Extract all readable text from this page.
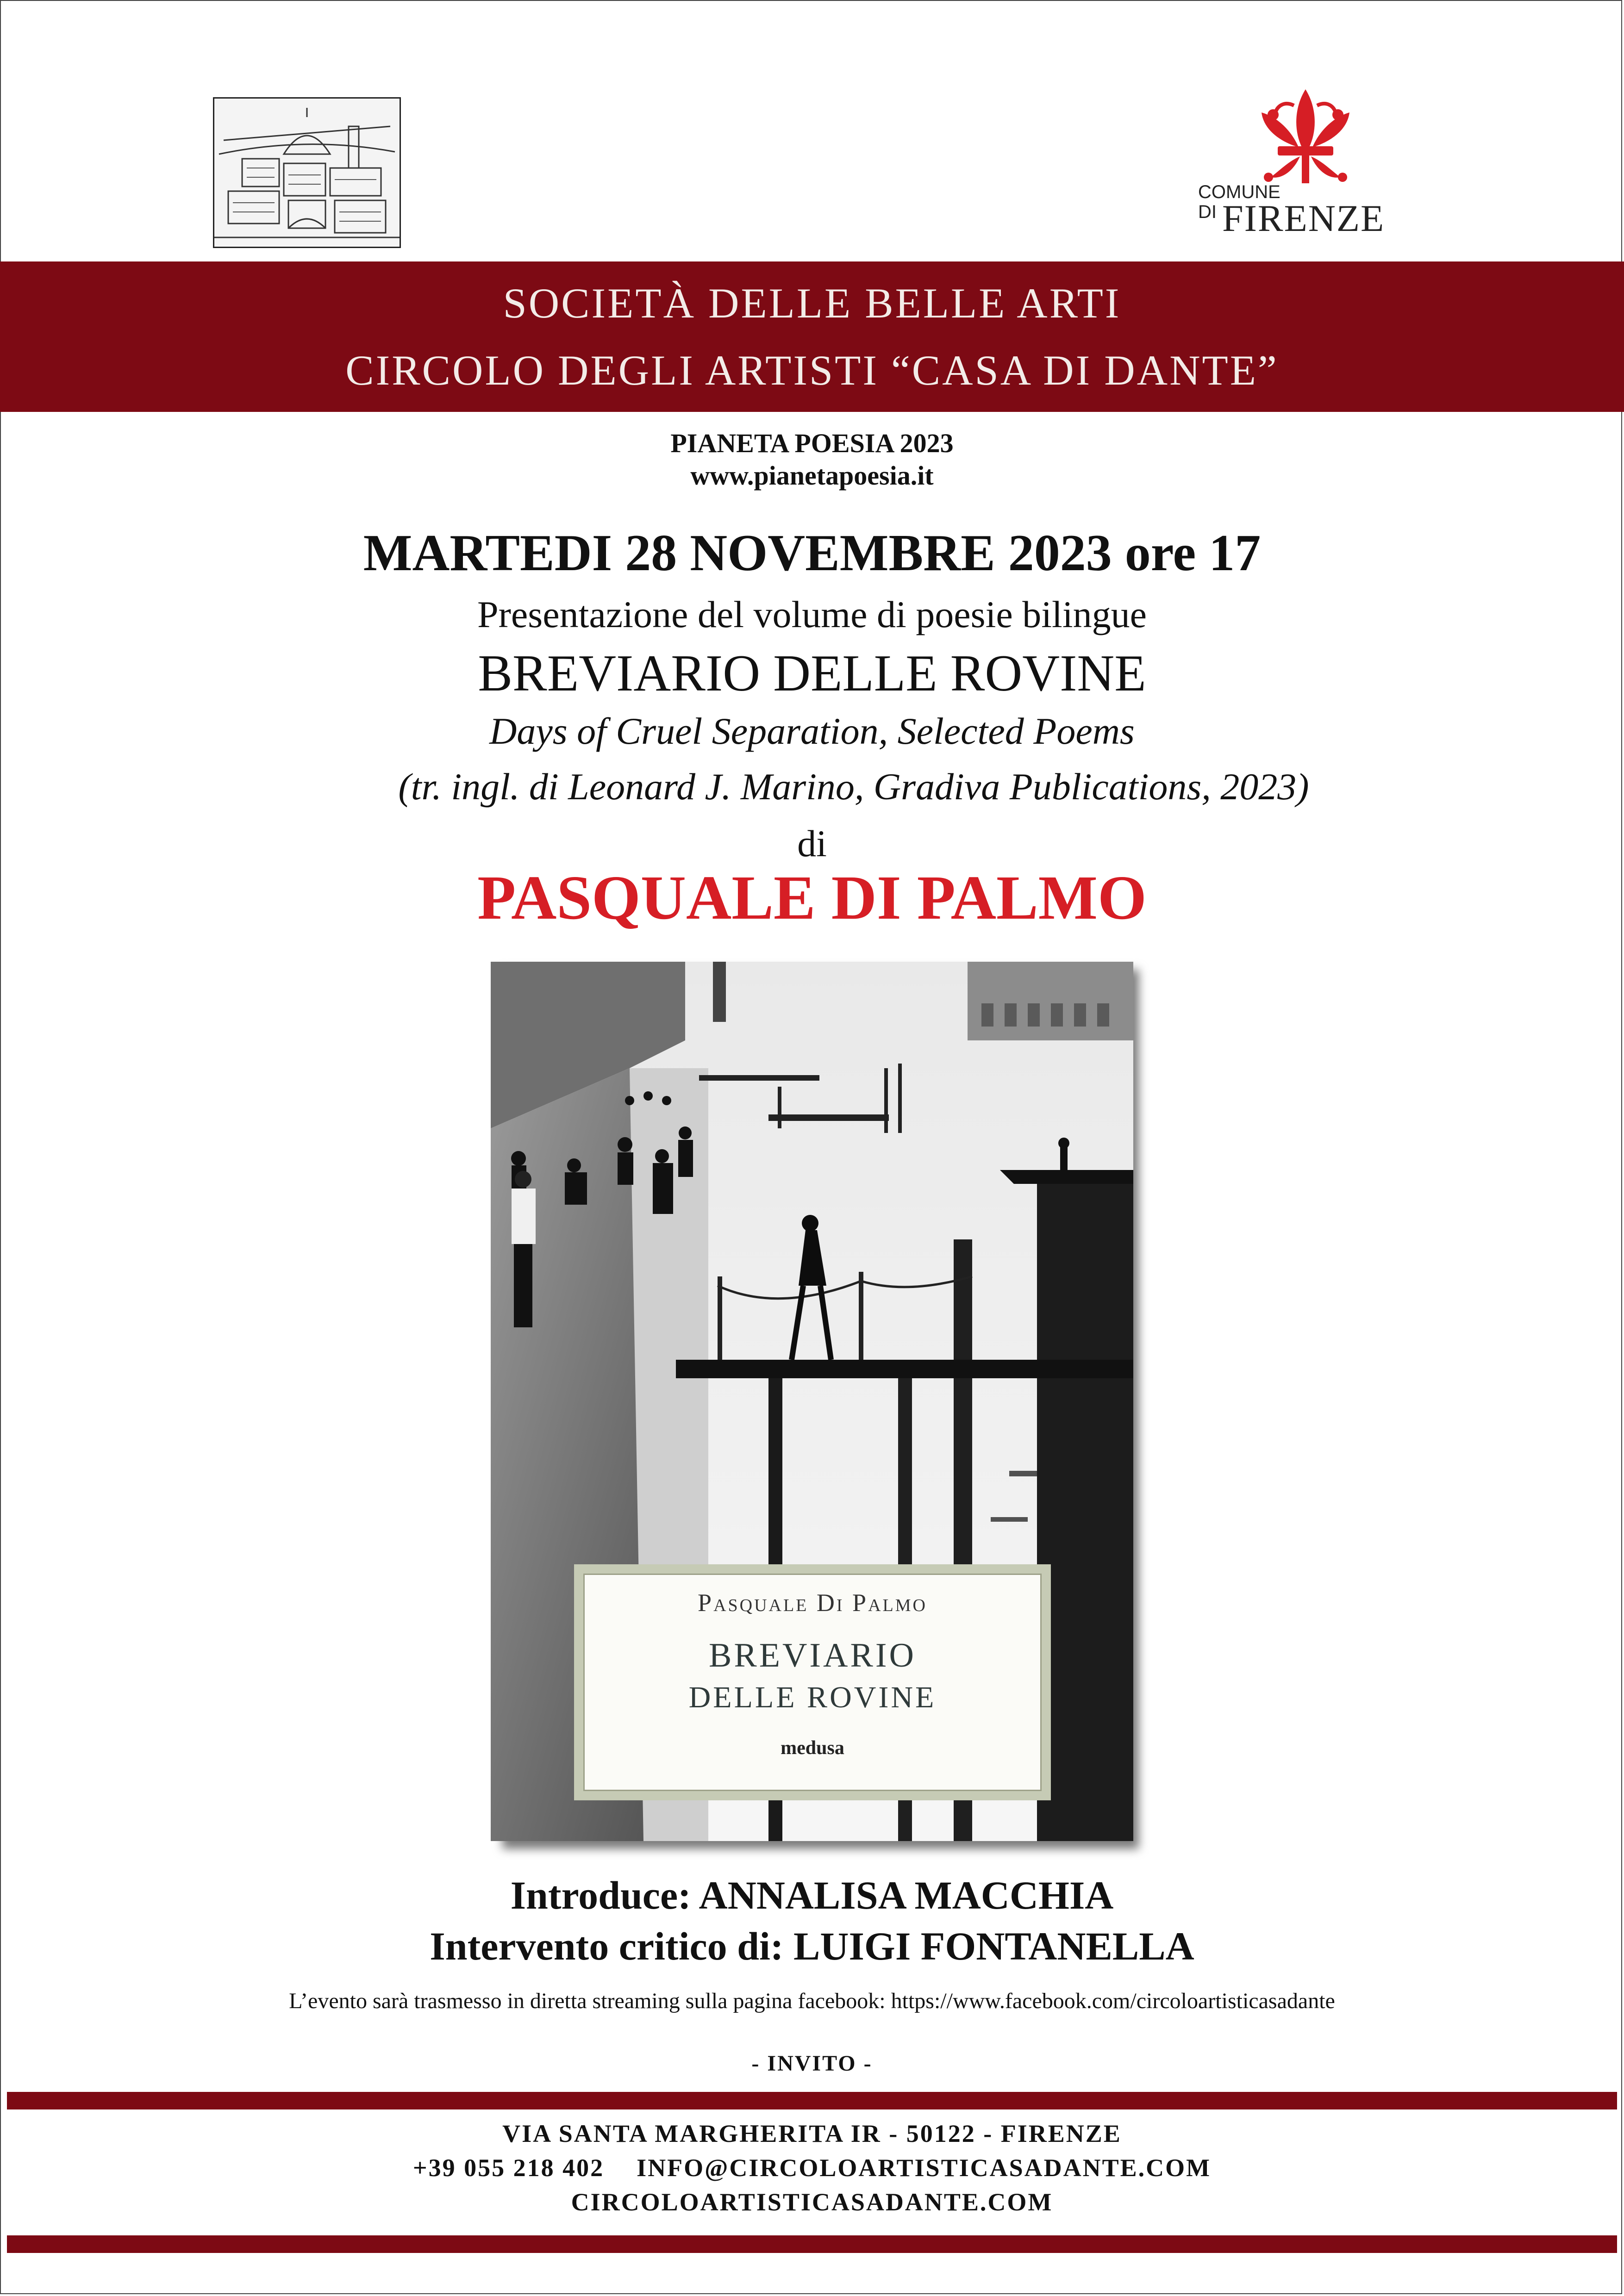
COMUNE
DI FIRENZE
SOCIETÀ DELLE BELLE ARTI
CIRCOLO DEGLI ARTISTI “CASA DI DANTE”
PIANETA POESIA 2023
www.pianetapoesia.it
MARTEDI 28 NOVEMBRE 2023 ore 17
Presentazione del volume di poesie bilingue
BREVIARIO DELLE ROVINE
Days of Cruel Separation, Selected Poems
(tr. ingl. di Leonard J. Marino, Gradiva Publications, 2023)
di
PASQUALE DI PALMO
Pasquale Di Palmo
BREVIARIO
DELLE ROVINE
medusa
Introduce: ANNALISA MACCHIA
Intervento critico di: LUIGI FONTANELLA
L’evento sarà trasmesso in diretta streaming sulla pagina facebook: https://www.facebook.com/circoloartisticasadante
- INVITO -
VIA SANTA MARGHERITA IR - 50122 - FIRENZE
+39 055 218 402 INFO@CIRCOLOARTISTICASADANTE.COM
CIRCOLOARTISTICASADANTE.COM
